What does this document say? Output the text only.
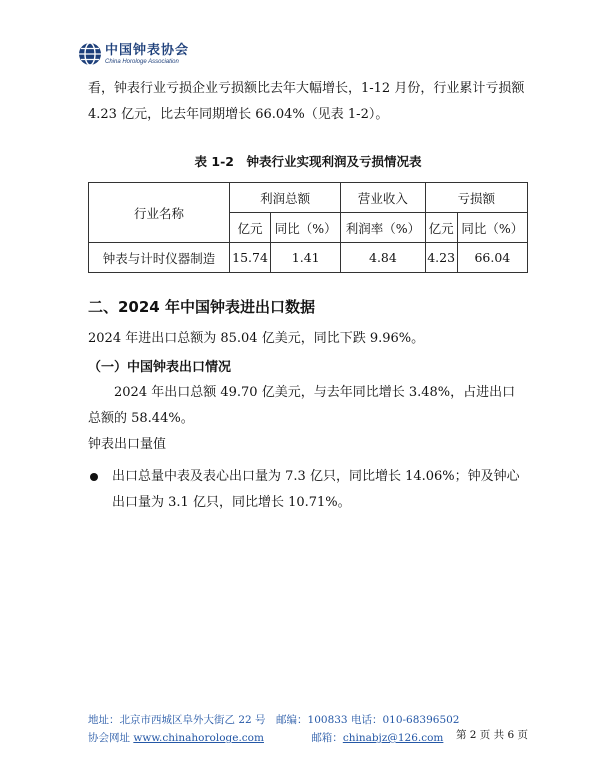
中国钟表协会
China Horologe Association

看，钟表行业亏损企业亏损额比去年大幅增长，1-12 月份，行业累计亏损额 4.23 亿元，比去年同期增长 66.04%（见表 1-2）。

表 1-2　钟表行业实现利润及亏损情况表
行业名称	利润总额		营业收入	亏损额	
	亿元	同比（%）	利润率（%）	亿元	同比（%）
钟表与计时仪器制造	15.74	1.41	4.84	4.23	66.04
二、2024 年中国钟表进出口数据

2024 年进出口总额为 85.04 亿美元，同比下跌 9.96%。

（一）中国钟表出口情况

2024 年出口总额 49.70 亿美元，与去年同比增长 3.48%，占进出口总额的 58.44%。

钟表出口量值

出口总量中表及表心出口量为 7.3 亿只，同比增长 14.06%；钟及钟心出口量为 3.1 亿只，同比增长 10.71%。
地址：北京市西城区阜外大街乙 22 号　邮编：100833 电话：010-68396502
第 2 页 共 6 页
协会网址 www.chinahorologe.com	邮箱：chinabjz@126.com
